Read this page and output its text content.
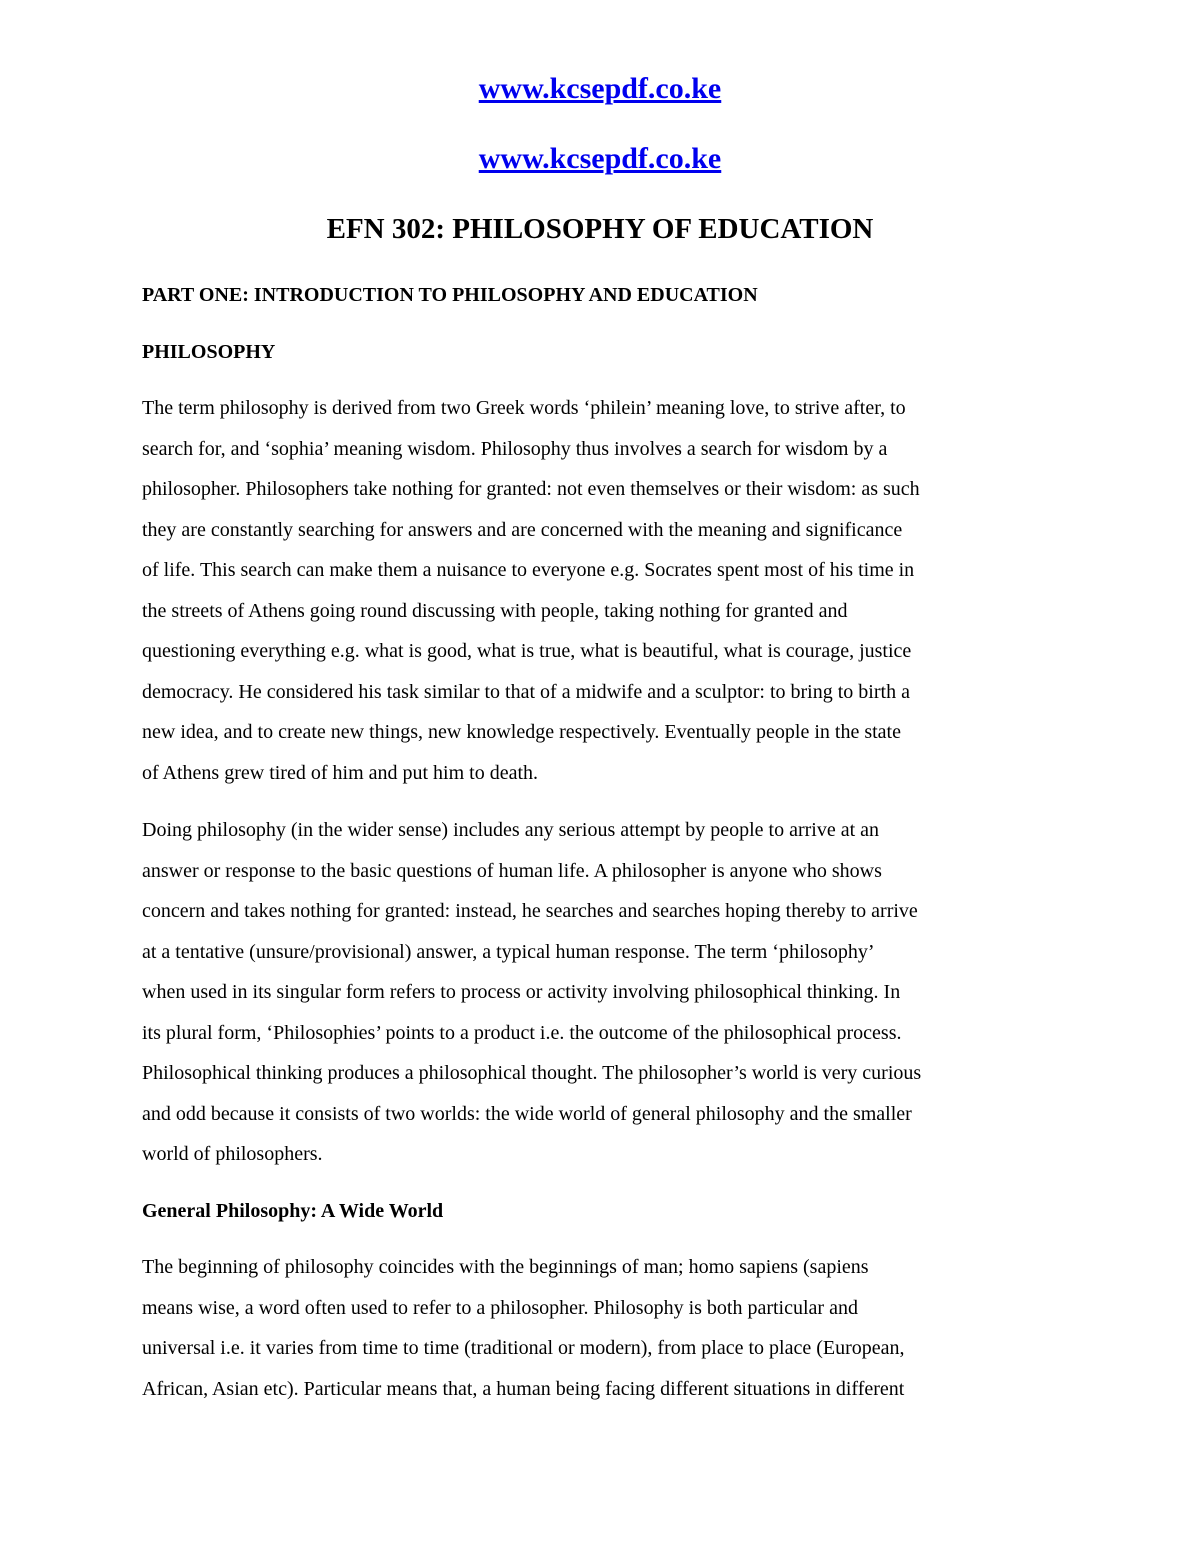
www.kcsepdf.co.ke
www.kcsepdf.co.ke
EFN 302: PHILOSOPHY OF EDUCATION
PART ONE: INTRODUCTION TO PHILOSOPHY AND EDUCATION
PHILOSOPHY

The term philosophy is derived from two Greek words ‘philein’ meaning love, to strive after, to
search for, and ‘sophia’ meaning wisdom. Philosophy thus involves a search for wisdom by a
philosopher. Philosophers take nothing for granted: not even themselves or their wisdom: as such
they are constantly searching for answers and are concerned with the meaning and significance
of life. This search can make them a nuisance to everyone e.g. Socrates spent most of his time in
the streets of Athens going round discussing with people, taking nothing for granted and
questioning everything e.g. what is good, what is true, what is beautiful, what is courage, justice
democracy. He considered his task similar to that of a midwife and a sculptor: to bring to birth a
new idea, and to create new things, new knowledge respectively. Eventually people in the state
of Athens grew tired of him and put him to death.

Doing philosophy (in the wider sense) includes any serious attempt by people to arrive at an
answer or response to the basic questions of human life. A philosopher is anyone who shows
concern and takes nothing for granted: instead, he searches and searches hoping thereby to arrive
at a tentative (unsure/provisional) answer, a typical human response. The term ‘philosophy’
when used in its singular form refers to process or activity involving philosophical thinking. In
its plural form, ‘Philosophies’ points to a product i.e. the outcome of the philosophical process.
Philosophical thinking produces a philosophical thought. The philosopher’s world is very curious
and odd because it consists of two worlds: the wide world of general philosophy and the smaller
world of philosophers.

General Philosophy: A Wide World

The beginning of philosophy coincides with the beginnings of man; homo sapiens (sapiens
means wise, a word often used to refer to a philosopher. Philosophy is both particular and
universal i.e. it varies from time to time (traditional or modern), from place to place (European,
African, Asian etc). Particular means that, a human being facing different situations in different
